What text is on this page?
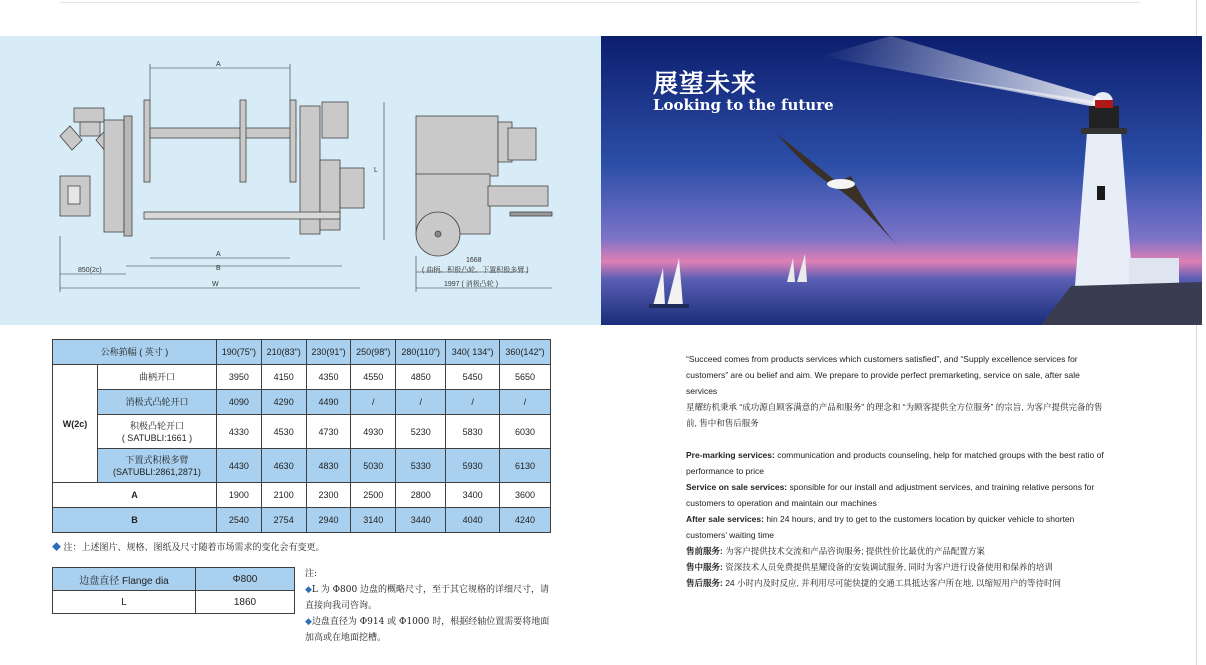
A
L
A
B
850(2c)
W
1668
( 曲柄、积极凸轮、下置积极多臂 )
1997 ( 消极凸轮 )
展望未来
Looking to the future
公称筘幅 ( 英寸 )		190(75")	210(83")	230(91")	250(98")	280(110")	340( 134")	360(142")
W(2c)	曲柄开口	3950	4150	4350	4550	4850	5450	5650
	消极式凸轮开口	4090	4290	4490	/	/	/	/

	积极凸轮开口
( SATUBLI:1661 )	4330	4530	4730	4930	5230	5830	6030

	下置式积极多臂
(SATUBLI:2861,2871)	4430	4630	4830	5030	5330	5930	6130
A		1900	2100	2300	2500	2800	3400	3600
B		2540	2754	2940	3140	3440	4040	4240
◆ 注：上述图片、规格、图纸及尺寸随着市场需求的变化会有变更。
边盘直径 Flange dia	Φ800
L	1860
注:
◆L 为 Φ800 边盘的概略尺寸，至于其它规格的详细尺寸，请直接向我司咨询。
◆边盘直径为 Φ914 或 Φ1000 时，根据经轴位置需要将地面加高或在地面挖槽。

“Succeed comes from products services which customers satisfied”, and “Supply excellence services for customers” are ou belief and aim. We prepare to provide perfect premarketing, service on sale, after sale services

星耀纺机秉承 “成功源自顾客满意的产品和服务” 的理念和 “为顾客提供全方位服务” 的宗旨, 为客户提供完备的售前, 售中和售后服务

Pre-marking services: communication and products counseling, help for matched groups with the best ratio of performance to price

Service on sale services: sponsible for our install and adjustment services, and training relative persons for customers to operation and maintain our machines

After sale services: hin 24 hours, and try to get to the customers location by quicker vehicle to shorten customers’ waiting time

售前服务: 为客户提供技术交流和产品咨询服务; 提供性价比最优的产品配置方案

售中服务: 资深技术人员免费提供星耀设备的安装调试服务, 同时为客户进行设备使用和保养的培训

售后服务: 24 小时内及时反应, 并利用尽可能快捷的交通工具抵达客户所在地, 以缩短用户的等待时间
